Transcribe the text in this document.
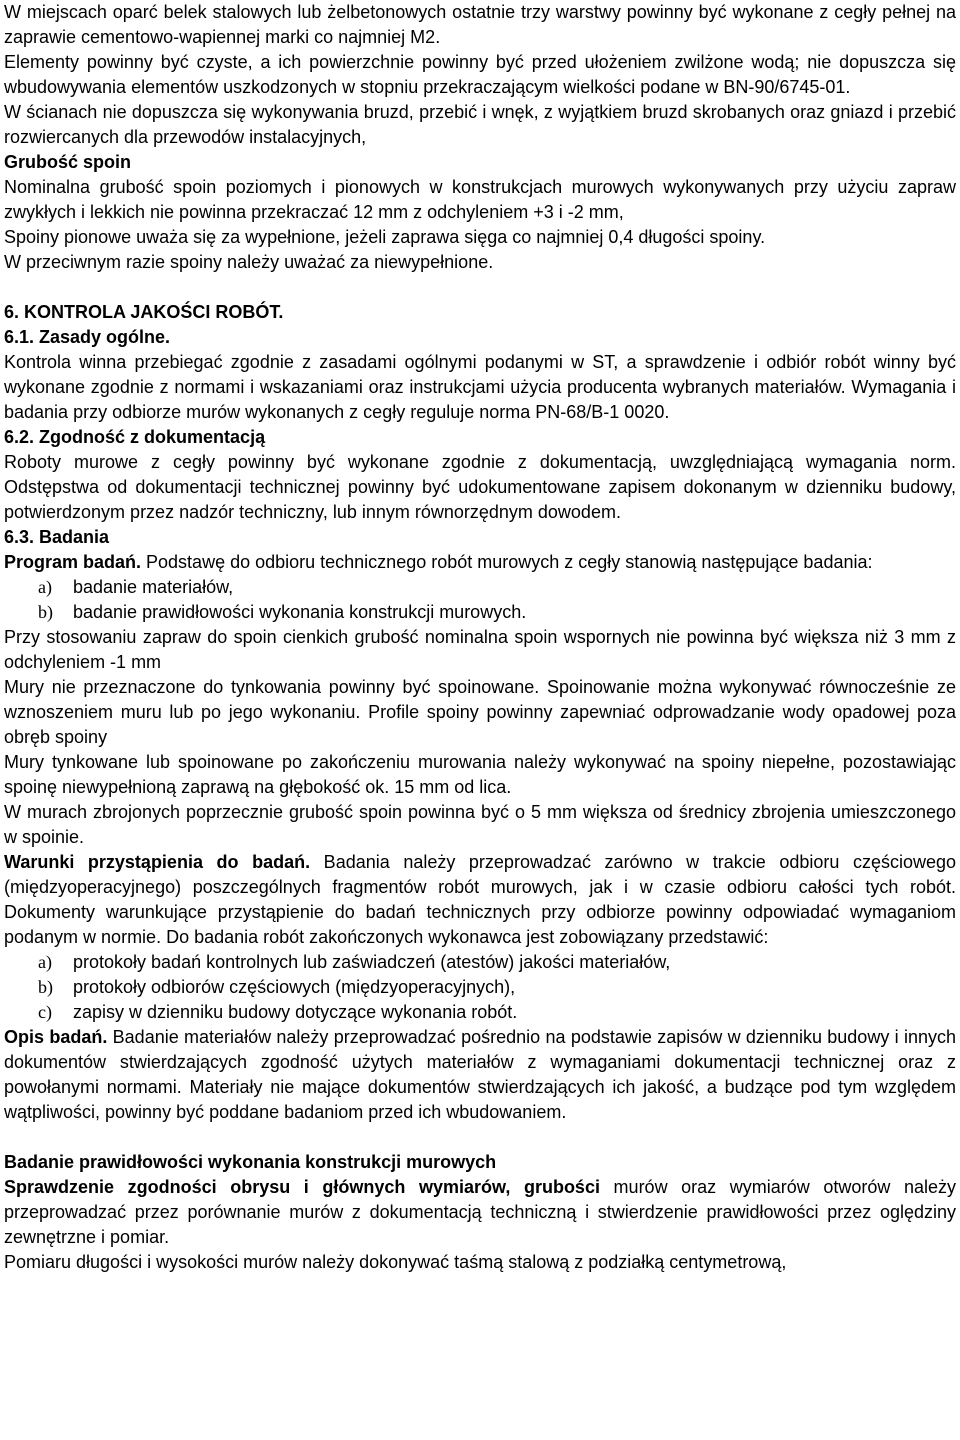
W miejscach oparć belek stalowych lub żelbetonowych ostatnie trzy warstwy powinny być wykonane z cegły pełnej na zaprawie cementowo-wapiennej marki co najmniej M2.

Elementy powinny być czyste, a ich powierzchnie powinny być przed ułożeniem zwilżone wodą; nie dopuszcza się wbudowywania elementów uszkodzonych w stopniu przekraczającym wielkości podane w BN-90/6745-01.

W ścianach nie dopuszcza się wykonywania bruzd, przebić i wnęk, z wyjątkiem bruzd skrobanych oraz gniazd i przebić rozwiercanych dla przewodów instalacyjnych,

Grubość spoin

Nominalna grubość spoin poziomych i pionowych w konstrukcjach murowych wykonywanych przy użyciu zapraw zwykłych i lekkich nie powinna przekraczać 12 mm z odchyleniem +3 i -2 mm,

Spoiny pionowe uważa się za wypełnione, jeżeli zaprawa sięga co najmniej 0,4 długości spoiny.

W przeciwnym razie spoiny należy uważać za niewypełnione.

6. KONTROLA JAKOŚCI ROBÓT.

6.1. Zasady ogólne.

Kontrola winna przebiegać zgodnie z zasadami ogólnymi podanymi w ST, a sprawdzenie i odbiór robót winny być wykonane zgodnie z normami i wskazaniami oraz instrukcjami użycia producenta wybranych materiałów. Wymagania i badania przy odbiorze murów wykonanych z cegły reguluje norma PN-68/B-1 0020.

6.2. Zgodność z dokumentacją

Roboty murowe z cegły powinny być wykonane zgodnie z dokumentacją, uwzględniającą wymagania norm. Odstępstwa od dokumentacji technicznej powinny być udokumentowane zapisem dokonanym w dzienniku budowy, potwierdzonym przez nadzór techniczny, lub innym równorzędnym dowodem.

6.3. Badania

Program badań. Podstawę do odbioru technicznego robót murowych z cegły stanowią następujące badania:

a)	badanie materiałów,
b)	badanie prawidłowości wykonania konstrukcji murowych.

Przy stosowaniu zapraw do spoin cienkich grubość nominalna spoin wspornych nie powinna być większa niż 3 mm z odchyleniem -1 mm

Mury nie przeznaczone do tynkowania powinny być spoinowane. Spoinowanie można wykonywać równocześnie ze wznoszeniem muru lub po jego wykonaniu. Profile spoiny powinny zapewniać odprowadzanie wody opadowej poza obręb spoiny

Mury tynkowane lub spoinowane po zakończeniu murowania należy wykonywać na spoiny niepełne, pozostawiając spoinę niewypełnioną zaprawą na głębokość ok. 15 mm od lica.

W murach zbrojonych poprzecznie grubość spoin powinna być o 5 mm większa od średnicy zbrojenia umieszczonego w spoinie.

Warunki przystąpienia do badań. Badania należy przeprowadzać zarówno w trakcie odbioru częściowego (międzyoperacyjnego) poszczególnych fragmentów robót murowych, jak i w czasie odbioru całości tych robót. Dokumenty warunkujące przystąpienie do badań technicznych przy odbiorze powinny odpowiadać wymaganiom podanym w normie. Do badania robót zakończonych wykonawca jest zobowiązany przedstawić:

a)	protokoły badań kontrolnych lub zaświadczeń (atestów) jakości materiałów,
b)	protokoły odbiorów częściowych (międzyoperacyjnych),
c)	zapisy w dzienniku budowy dotyczące wykonania robót.

Opis badań. Badanie materiałów należy przeprowadzać pośrednio na podstawie zapisów w dzienniku budowy i innych dokumentów stwierdzających zgodność użytych materiałów z wymaganiami dokumentacji technicznej oraz z powołanymi normami. Materiały nie mające dokumentów stwierdzających ich jakość, a budzące pod tym względem wątpliwości, powinny być poddane badaniom przed ich wbudowaniem.

Badanie prawidłowości wykonania konstrukcji murowych

Sprawdzenie zgodności obrysu i głównych wymiarów, grubości murów oraz wymiarów otworów należy przeprowadzać przez porównanie murów z dokumentacją techniczną i stwierdzenie prawidłowości przez oględziny zewnętrzne i pomiar.

Pomiaru długości i wysokości murów należy dokonywać taśmą stalową z podziałką centymetrową,
